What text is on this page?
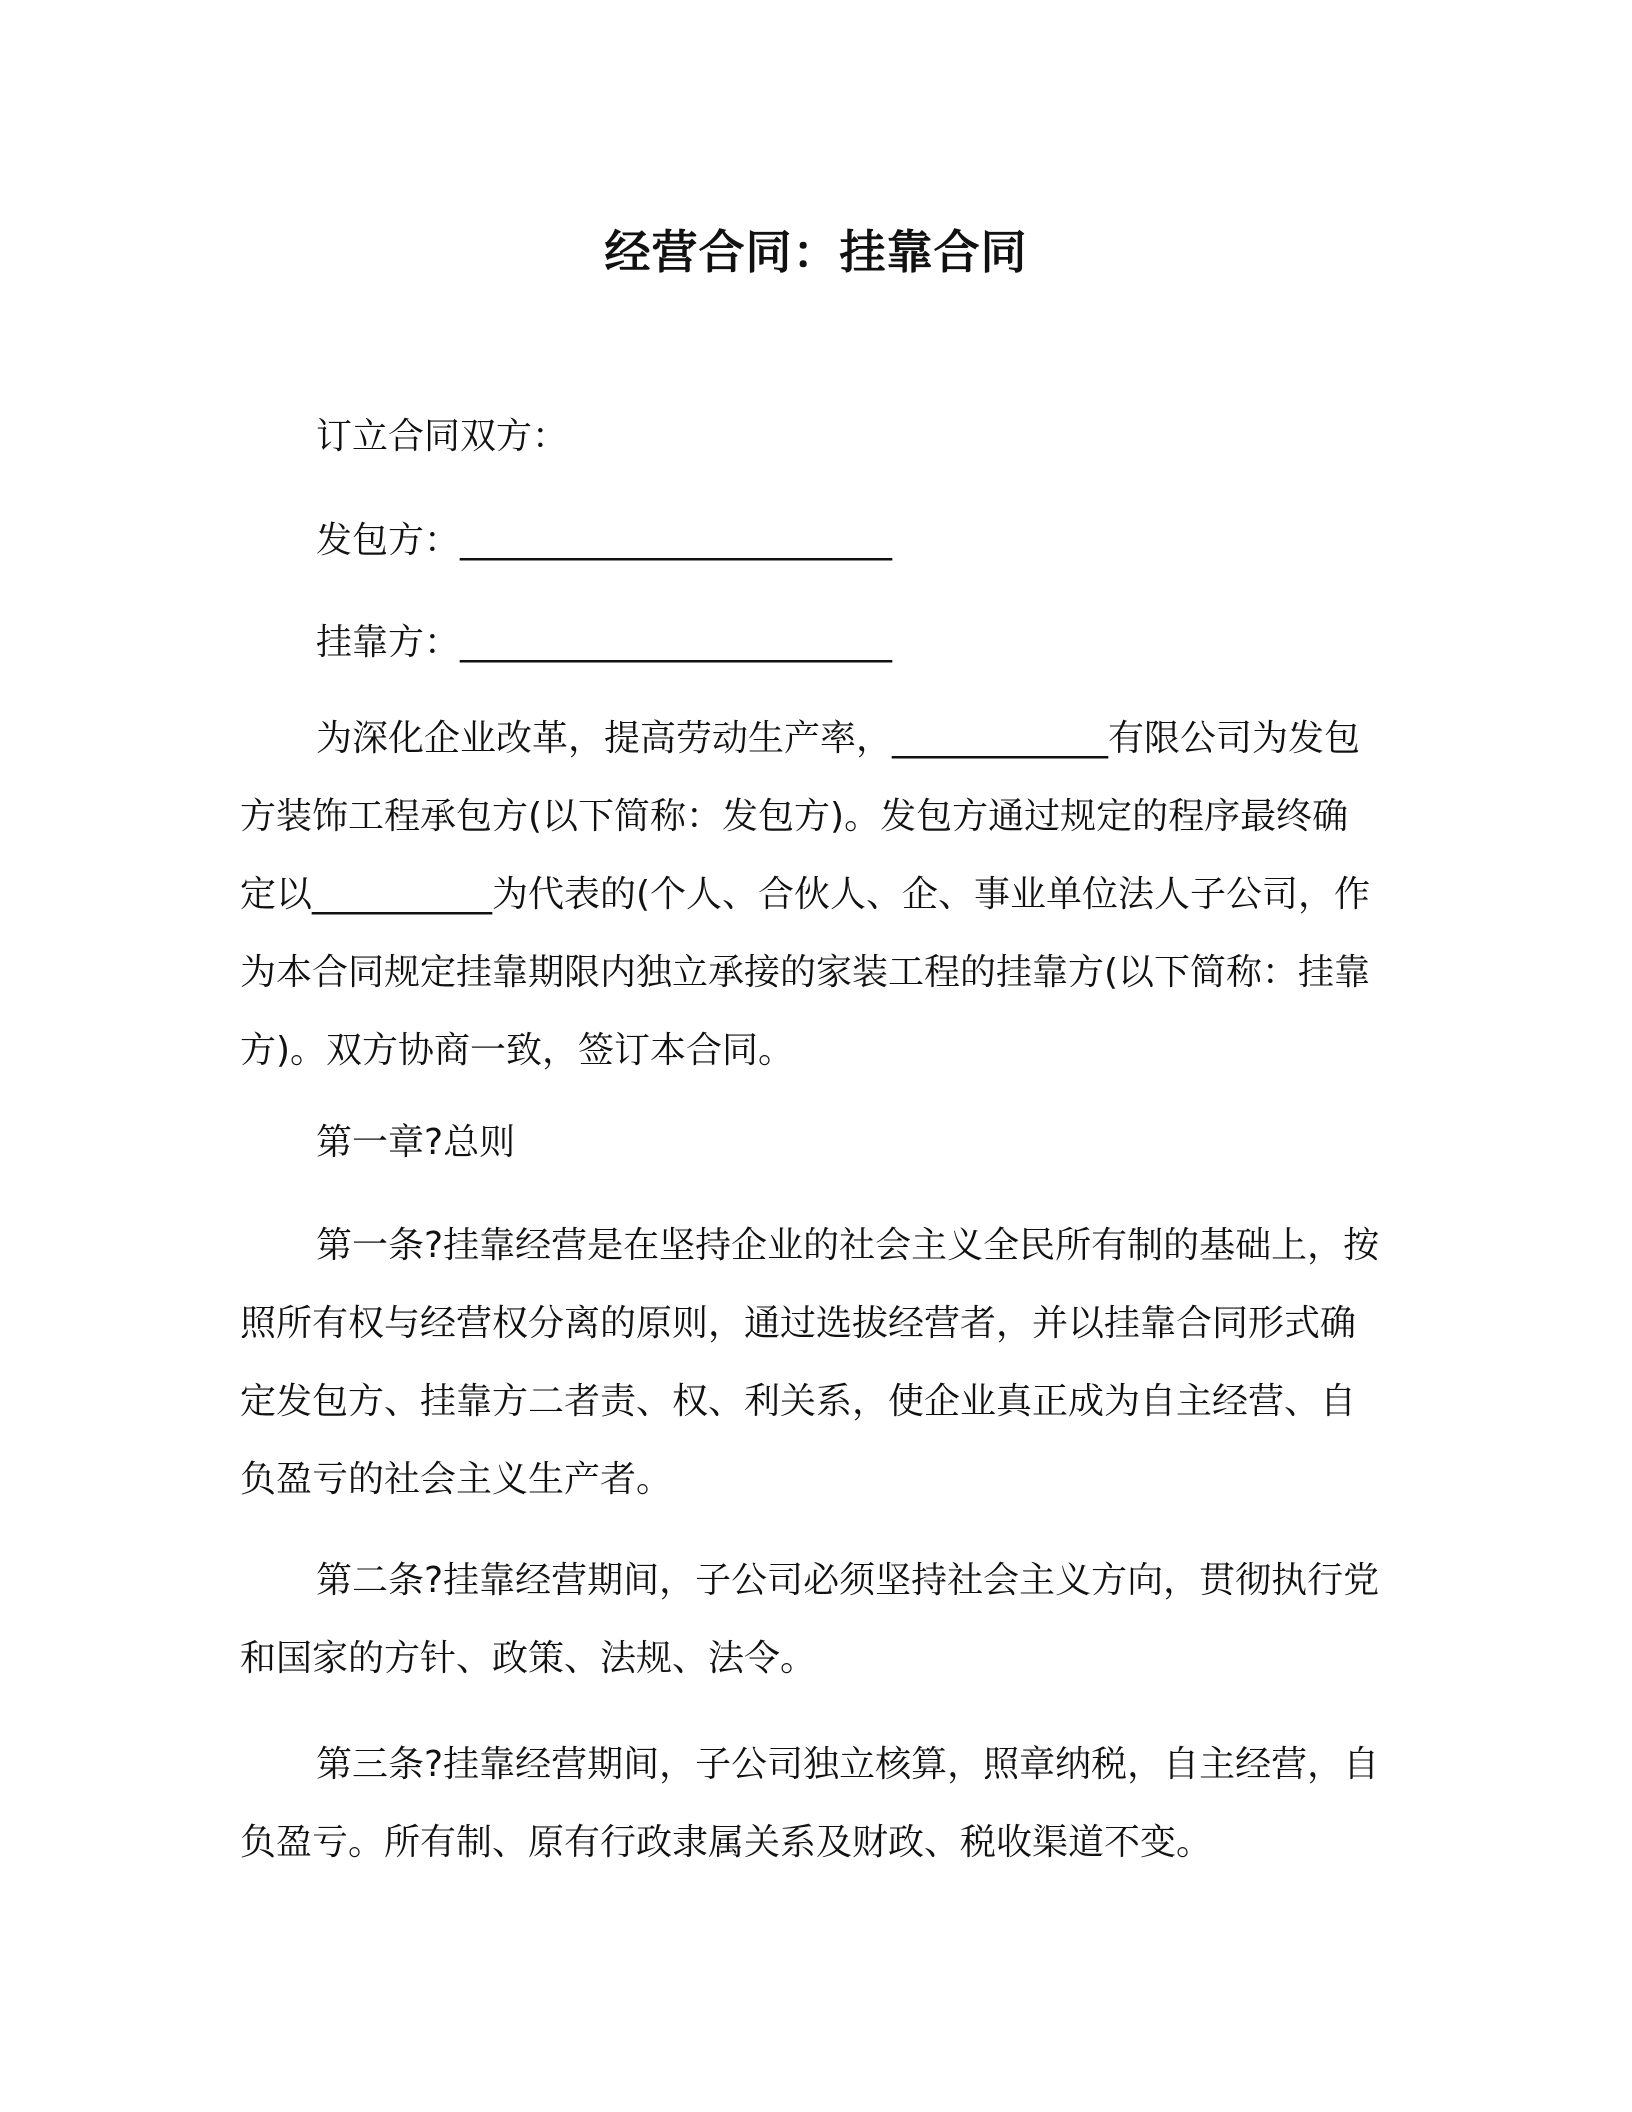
经营合同：挂靠合同

订立合同双方：

发包方：________________________

挂靠方：________________________

为深化企业改革，提高劳动生产率，____________有限公司为发包方装饰工程承包方(以下简称：发包方)。发包方通过规定的程序最终确定以__________为代表的(个人、合伙人、企、事业单位法人子公司，作为本合同规定挂靠期限内独立承接的家装工程的挂靠方(以下简称：挂靠方)。双方协商一致，签订本合同。

第一章?总则

第一条?挂靠经营是在坚持企业的社会主义全民所有制的基础上，按照所有权与经营权分离的原则，通过选拔经营者，并以挂靠合同形式确定发包方、挂靠方二者责、权、利关系，使企业真正成为自主经营、自负盈亏的社会主义生产者。

第二条?挂靠经营期间，子公司必须坚持社会主义方向，贯彻执行党和国家的方针、政策、法规、法令。

第三条?挂靠经营期间，子公司独立核算，照章纳税，自主经营，自负盈亏。所有制、原有行政隶属关系及财政、税收渠道不变。
